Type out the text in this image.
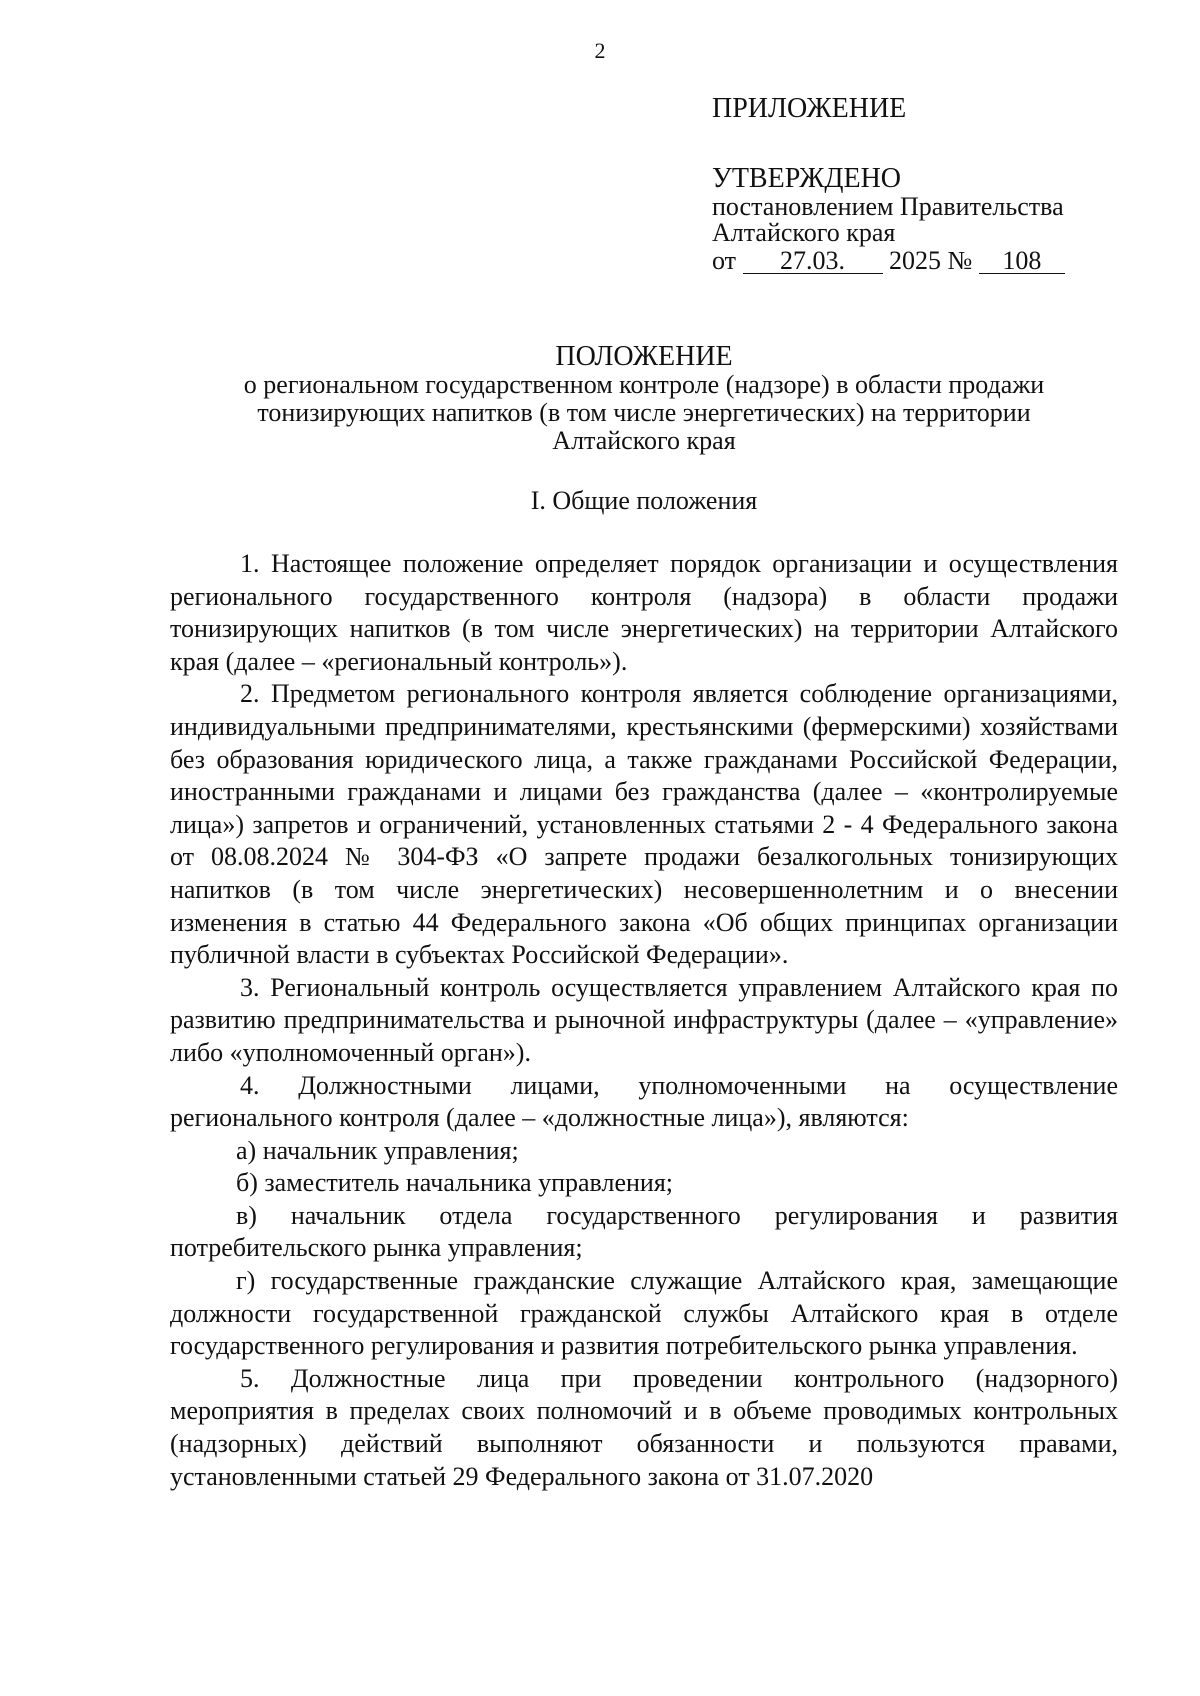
2
ПРИЛОЖЕНИЕ
УТВЕРЖДЕНО
постановлением Правительства
Алтайского края
от 27.03. 2025 № 108
ПОЛОЖЕНИЕ
о региональном государственном контроле (надзоре) в области продажи
тонизирующих напитков (в том числе энергетических) на территории
Алтайского края
I. Общие положения

1. Настоящее положение определяет порядок организации и осуществления регионального государственного контроля (надзора) в области продажи тонизирующих напитков (в том числе энергетических) на территории Алтайского края (далее – «региональный контроль»).

2. Предметом регионального контроля является соблюдение организациями, индивидуальными предпринимателями, крестьянскими (фермерскими) хозяйствами без образования юридического лица, а также гражданами Российской Федерации, иностранными гражданами и лицами без гражданства (далее – «контролируемые лица») запретов и ограничений, установленных статьями 2 - 4 Федерального закона от 08.08.2024 № 304-ФЗ «О запрете продажи безалкогольных тонизирующих напитков (в том числе энергетических) несовершеннолетним и о внесении изменения в статью 44 Федерального закона «Об общих принципах организации публичной власти в субъектах Российской Федерации».

3. Региональный контроль осуществляется управлением Алтайского края по развитию предпринимательства и рыночной инфраструктуры (далее – «управление» либо «уполномоченный орган»).

4. Должностными лицами, уполномоченными на осуществление регионального контроля (далее – «должностные лица»), являются:

а) начальник управления;

б) заместитель начальника управления;

в) начальник отдела государственного регулирования и развития потребительского рынка управления;

г) государственные гражданские служащие Алтайского края, замещающие должности государственной гражданской службы Алтайского края в отделе государственного регулирования и развития потребительского рынка управления.

5. Должностные лица при проведении контрольного (надзорного) мероприятия в пределах своих полномочий и в объеме проводимых контрольных (надзорных) действий выполняют обязанности и пользуются правами, установленными статьей 29 Федерального закона от 31.07.2020
